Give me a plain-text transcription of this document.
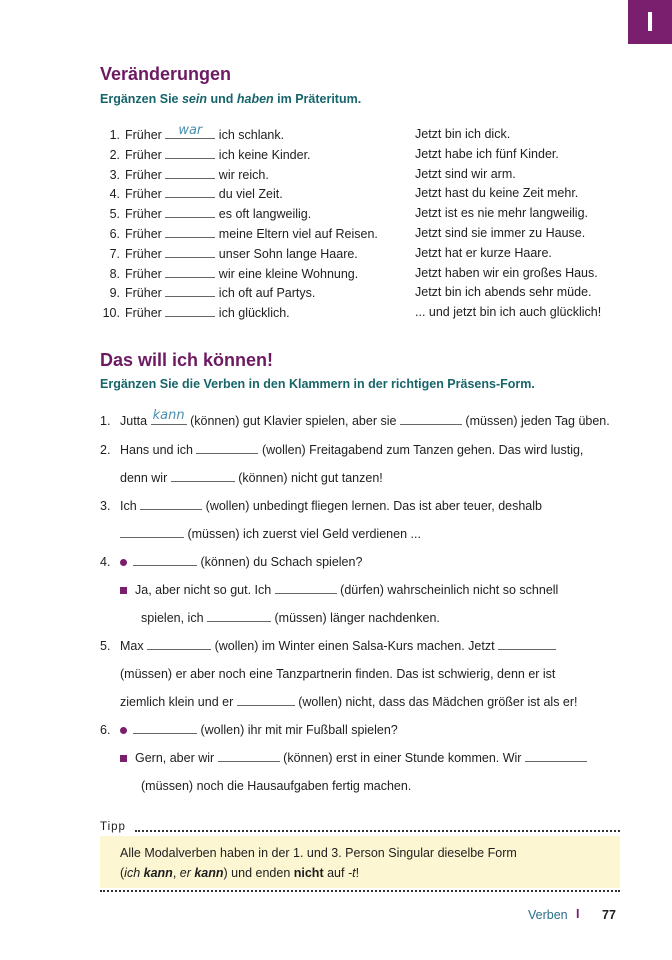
I
Veränderungen
Ergänzen Sie sein und haben im Präteritum.
1. Früher	war	ich schlank.	Jetzt bin ich dick.
2. Früher	ich keine Kinder.	Jetzt habe ich fünf Kinder.
3. Früher	wir reich.	Jetzt sind wir arm.
4. Früher	du viel Zeit.	Jetzt hast du keine Zeit mehr.
5. Früher	es oft langweilig.	Jetzt ist es nie mehr langweilig.
6. Früher	meine Eltern viel auf Reisen.	Jetzt sind sie immer zu Hause.
7. Früher	unser Sohn lange Haare.	Jetzt hat er kurze Haare.
8. Früher	wir eine kleine Wohnung.	Jetzt haben wir ein großes Haus.
9. Früher	ich oft auf Partys.	Jetzt bin ich abends sehr müde.
10. Früher	ich glücklich.	... und jetzt bin ich auch glücklich!
Das will ich können!
Ergänzen Sie die Verben in den Klammern in der richtigen Präsens-Form.
1. Jutta kann (können) gut Klavier spielen, aber sie	(müssen) jeden Tag üben.
2. Hans und ich	(wollen) Freitagabend zum Tanzen gehen. Das wird lustig,
denn wir	(können) nicht gut tanzen!
3. Ich	(wollen) unbedingt fliegen lernen. Das ist aber teuer, deshalb
(müssen) ich zuerst viel Geld verdienen ...
4.	(können) du Schach spielen?
Ja, aber nicht so gut. Ich	(dürfen) wahrscheinlich nicht so schnell
spielen, ich	(müssen) länger nachdenken.
5. Max	(wollen) im Winter einen Salsa-Kurs machen. Jetzt
(müssen) er aber noch eine Tanzpartnerin finden. Das ist schwierig, denn er ist
ziemlich klein und er	(wollen) nicht, dass das Mädchen größer ist als er!
6.	(wollen) ihr mit mir Fußball spielen?
Gern, aber wir	(können) erst in einer Stunde kommen. Wir
(müssen) noch die Hausaufgaben fertig machen.
Tipp
Alle Modalverben haben in der 1. und 3. Person Singular dieselbe Form
(ich kann, er kann) und enden nicht auf -t!
Verben I 77
